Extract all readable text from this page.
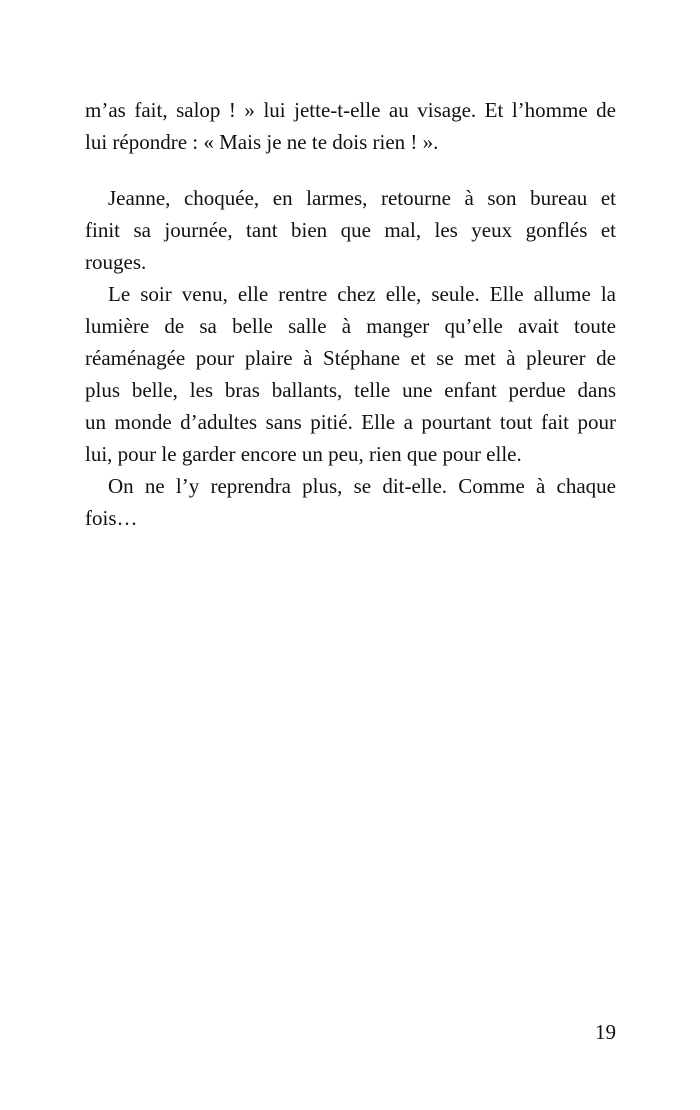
m’as fait, salop ! » lui jette-t-elle au visage. Et l’homme de
lui répondre : « Mais je ne te dois rien ! ».
Jeanne, choquée, en larmes, retourne à son bureau et
finit sa journée, tant bien que mal, les yeux gonflés et
rouges.
Le soir venu, elle rentre chez elle, seule. Elle allume la
lumière de sa belle salle à manger qu’elle avait toute
réaménagée pour plaire à Stéphane et se met à pleurer de
plus belle, les bras ballants, telle une enfant perdue dans
un monde d’adultes sans pitié. Elle a pourtant tout fait pour
lui, pour le garder encore un peu, rien que pour elle.
On ne l’y reprendra plus, se dit-elle. Comme à chaque
fois…
19
